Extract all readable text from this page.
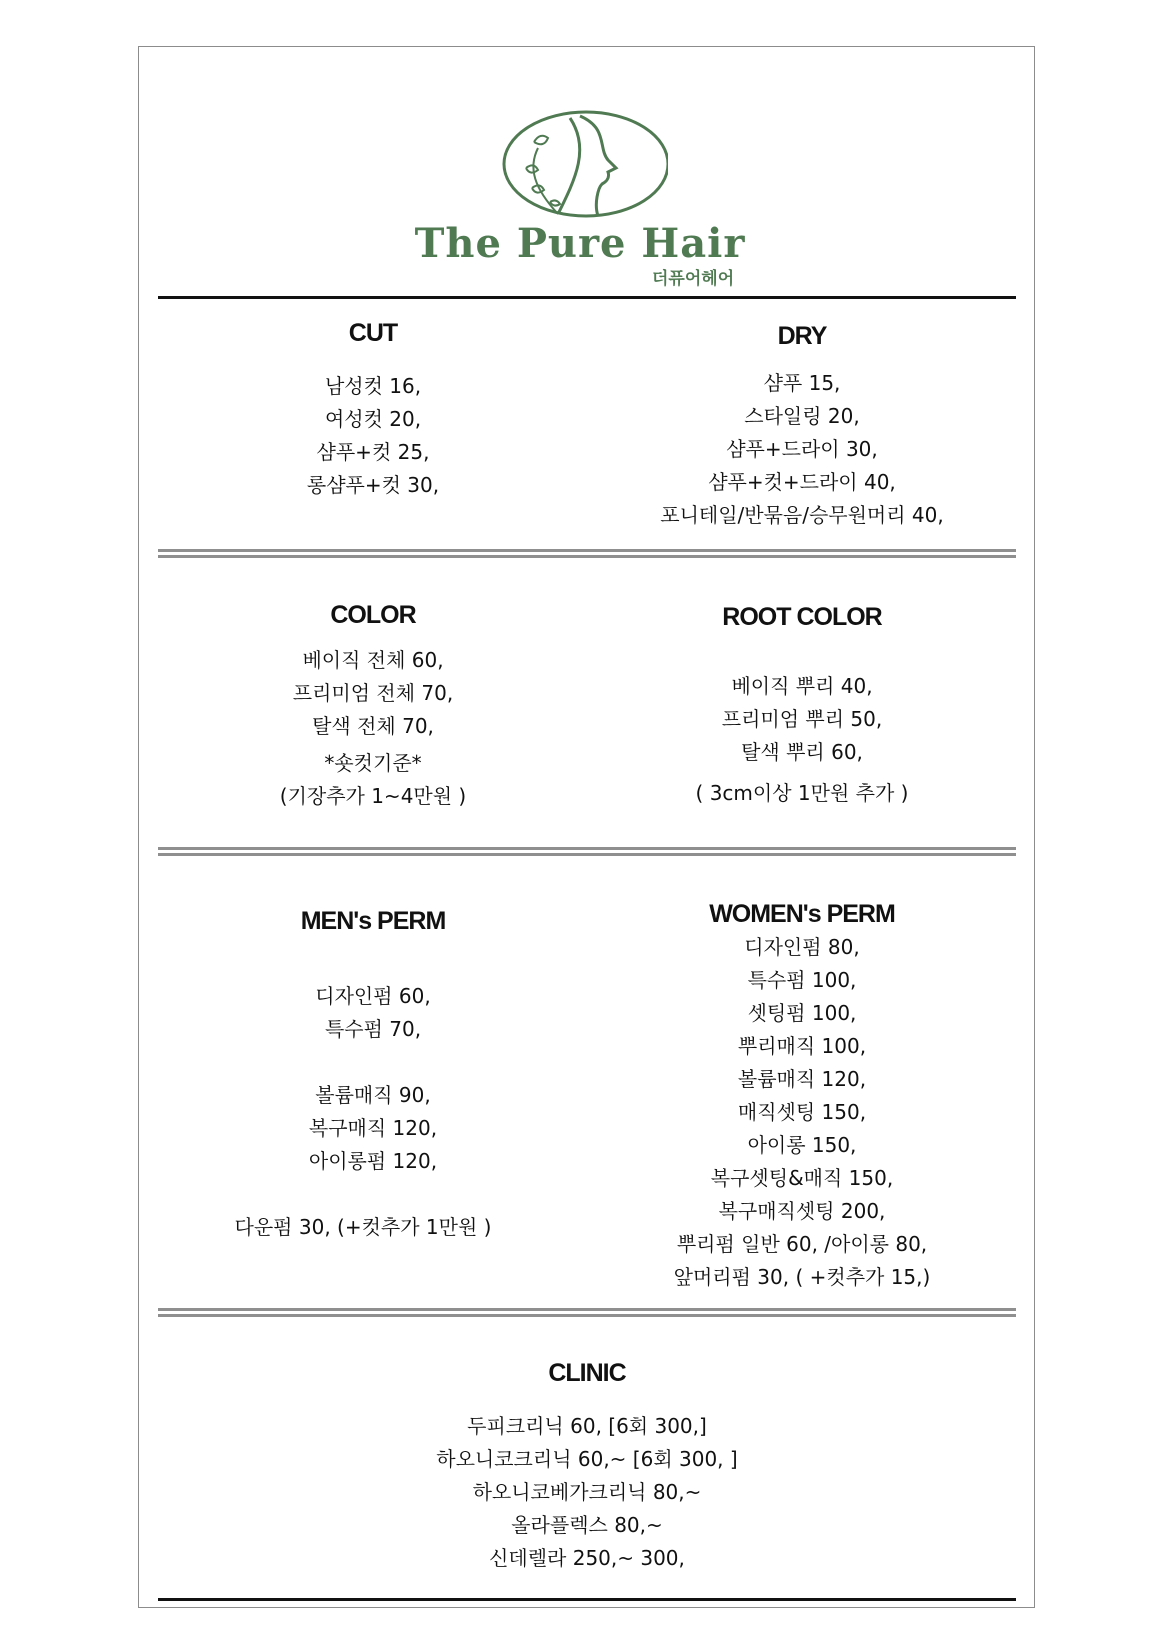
The Pure Hair
더퓨어헤어
CUT
남성컷 16,
여성컷 20,
샴푸+컷 25,
롱샴푸+컷 30,
DRY
샴푸 15,
스타일링 20,
샴푸+드라이 30,
샴푸+컷+드라이 40,
포니테일/반묶음/승무원머리 40,
COLOR
베이직 전체 60,
프리미엄 전체 70,
탈색 전체 70,
*숏컷기준*
(기장추가 1~4만원 )
ROOT COLOR
베이직 뿌리 40,
프리미엄 뿌리 50,
탈색 뿌리 60,
( 3cm이상 1만원 추가 )
MEN's PERM
디자인펌 60,
특수펌 70,
볼륨매직 90,
복구매직 120,
아이롱펌 120,
다운펌 30, (+컷추가 1만원 )
WOMEN's PERM
디자인펌 80,
특수펌 100,
셋팅펌 100,
뿌리매직 100,
볼륨매직 120,
매직셋팅 150,
아이롱 150,
복구셋팅&매직 150,
복구매직셋팅 200,
뿌리펌 일반 60, /아이롱 80,
앞머리펌 30, ( +컷추가 15,)
CLINIC
두피크리닉 60, [6회 300,]
하오니코크리닉 60,~ [6회 300, ]
하오니코베가크리닉 80,~
올라플렉스 80,~
신데렐라 250,~ 300,
